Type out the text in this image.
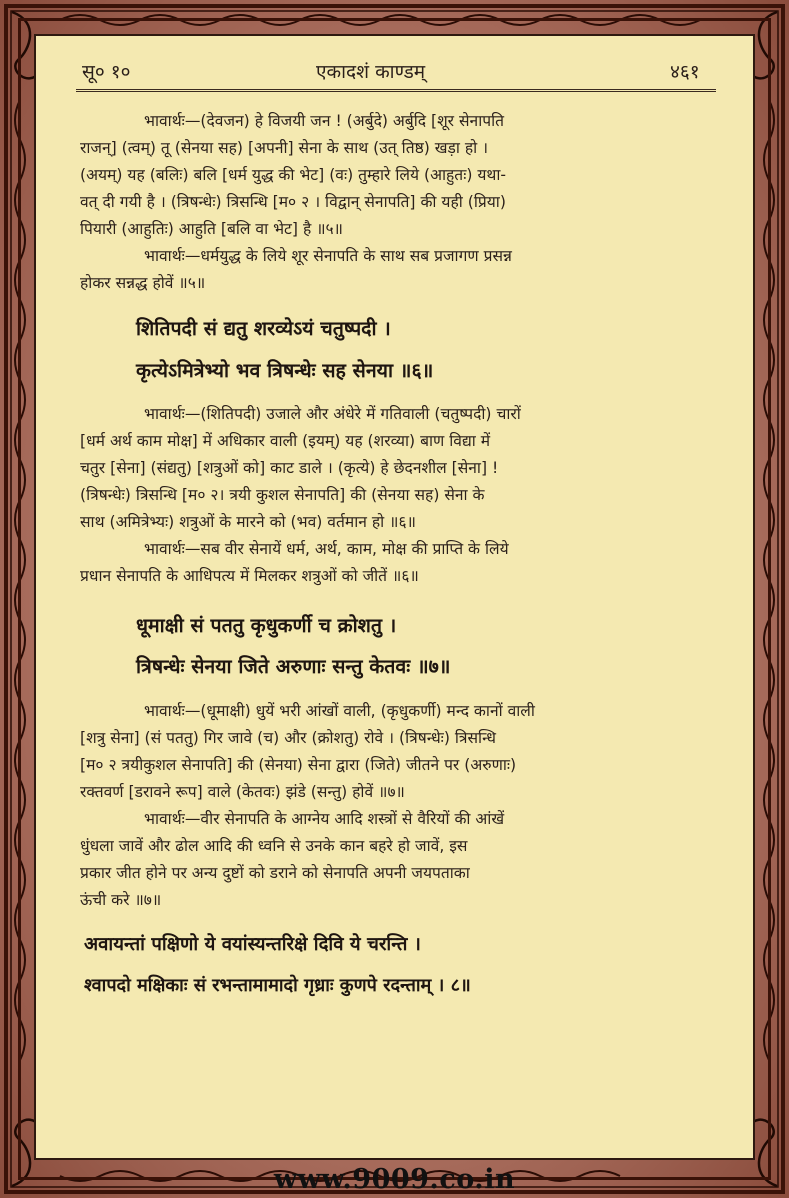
सू० १०	एकादशं काण्डम्	४६१
भावार्थः—(देवजन) हे विजयी जन ! (अर्बुदे) अर्बुदि [शूर सेनापति
राजन्] (त्वम्) तू (सेनया सह) [अपनी] सेना के साथ (उत् तिष्ठ) खड़ा हो ।
(अयम्) यह (बलिः) बलि [धर्म युद्ध की भेट] (वः) तुम्हारे लिये (आहुतः) यथा-
वत् दी गयी है । (त्रिषन्धेः) त्रिसन्धि [म० २ । विद्वान् सेनापति] की यही (प्रिया)
पियारी (आहुतिः) आहुति [बलि वा भेट] है ॥५॥
भावार्थः—धर्मयुद्ध के लिये शूर सेनापति के साथ सब प्रजागण प्रसन्न
होकर सन्नद्ध होवें ॥५॥
शितिपदी सं द्यतु शरव्येऽयं चतुष्पदी ।
कृत्येऽमित्रेभ्यो भव त्रिषन्धेः सह सेनया ॥६॥
भावार्थः—(शितिपदी) उजाले और अंधेरे में गतिवाली (चतुष्पदी) चारों
[धर्म अर्थ काम मोक्ष] में अधिकार वाली (इयम्) यह (शरव्या) बाण विद्या में
चतुर [सेना] (संद्यतु) [शत्रुओं को] काट डाले । (कृत्ये) हे छेदनशील [सेना] !
(त्रिषन्धेः) त्रिसन्धि [म० २। त्रयी कुशल सेनापति] की (सेनया सह) सेना के
साथ (अमित्रेभ्यः) शत्रुओं के मारने को (भव) वर्तमान हो ॥६॥
भावार्थः—सब वीर सेनायें धर्म, अर्थ, काम, मोक्ष की प्राप्ति के लिये
प्रधान सेनापति के आधिपत्य में मिलकर शत्रुओं को जीतें ॥६॥
धूमाक्षी सं पततु कृधुकर्णी च क्रोशतु ।
त्रिषन्धेः सेनया जिते अरुणाः सन्तु केतवः ॥७॥
भावार्थः—(धूमाक्षी) धुयें भरी आंखों वाली, (कृधुकर्णी) मन्द कानों वाली
[शत्रु सेना] (सं पततु) गिर जावे (च) और (क्रोशतु) रोवे । (त्रिषन्धेः) त्रिसन्धि
[म० २ त्रयीकुशल सेनापति] की (सेनया) सेना द्वारा (जिते) जीतने पर (अरुणाः)
रक्तवर्ण [डरावने रूप] वाले (केतवः) झंडे (सन्तु) होवें ॥७॥
भावार्थः—वीर सेनापति के आग्नेय आदि शस्त्रों से वैरियों की आंखें
धुंधला जावें और ढोल आदि की ध्वनि से उनके कान बहरे हो जावें, इस
प्रकार जीत होने पर अन्य दुष्टों को डराने को सेनापति अपनी जयपताका
ऊंची करे ॥७॥
अवायन्तां पक्षिणो ये वयांस्यन्तरिक्षे दिवि ये चरन्ति ।
श्वापदो मक्षिकाः सं रभन्तामामादो गृध्राः कुणपे रदन्ताम् । ८॥
www.9009.co.in
